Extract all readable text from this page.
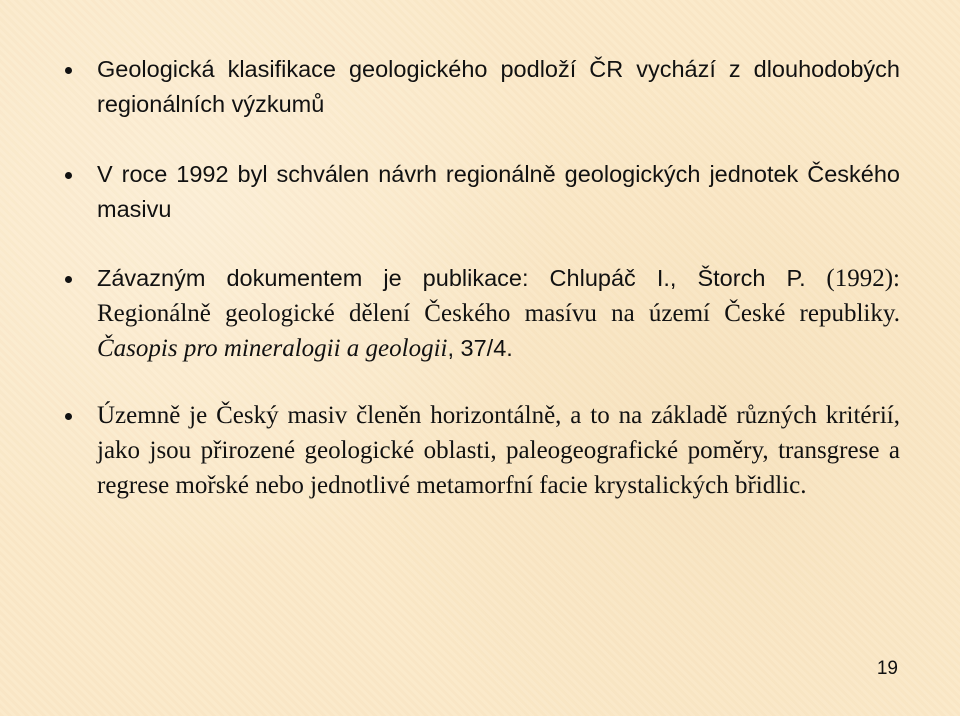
Geologická klasifikace geologického podloží ČR vychází z dlouhodobých regionálních výzkumů
V roce 1992 byl schválen návrh regionálně geologických jednotek Českého masivu
Závazným dokumentem je publikace: Chlupáč I., Štorch P. (1992): Regionálně geologické dělení Českého masívu na území České republiky. Časopis pro mineralogii a geologii, 37/4.
Územně je Český masiv členěn horizontálně, a to na základě různých kritérií, jako jsou přirozené geologické oblasti, paleogeografické poměry, transgrese a regrese mořské nebo jednotlivé metamorfní facie krystalických břidlic.
19
